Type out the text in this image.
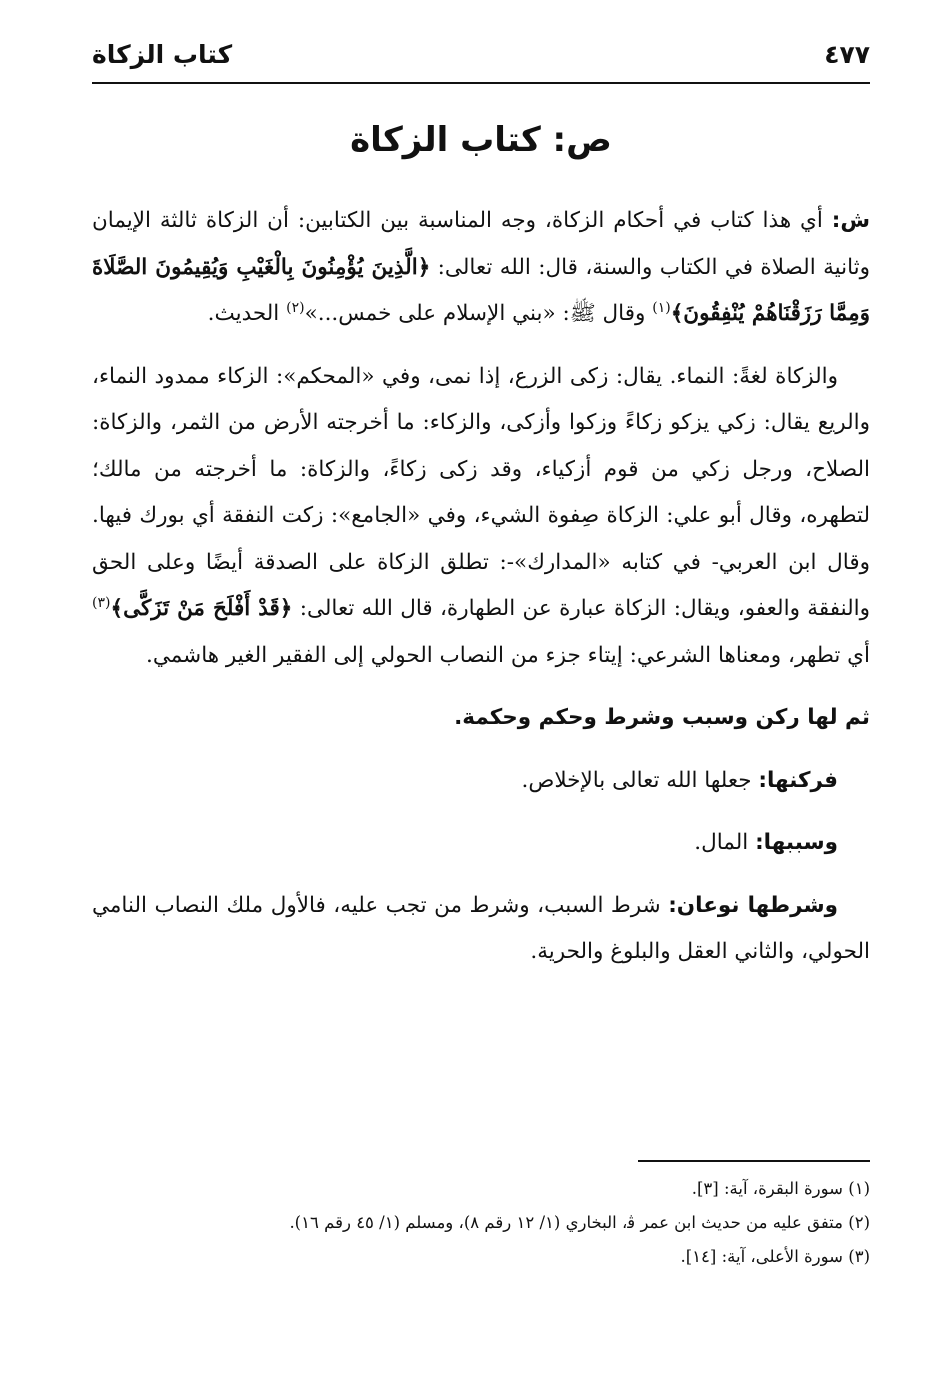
كتاب الزكاة	٤٧٧
ص: كتاب الزكاة

ش: أي هذا كتاب في أحكام الزكاة، وجه المناسبة بين الكتابين: أن الزكاة ثالثة الإيمان وثانية الصلاة في الكتاب والسنة، قال: الله تعالى: ﴿الَّذِينَ يُؤْمِنُونَ بِالْغَيْبِ وَيُقِيمُونَ الصَّلَاةَ وَمِمَّا رَزَقْنَاهُمْ يُنْفِقُونَ﴾$^{(١)}$ وقال ﷺ: «بني الإسلام على خمس...»$^{(٢)}$ الحديث.

والزكاة لغةً: النماء. يقال: زكى الزرع، إذا نمى، وفي «المحكم»: الزكاء ممدود النماء، والريع يقال: زكي يزكو زكاءً وزكوا وأزكى، والزكاء: ما أخرجته الأرض من الثمر، والزكاة: الصلاح، ورجل زكي من قوم أزكياء، وقد زكى زكاءً، والزكاة: ما أخرجته من مالك؛ لتطهره، وقال أبو علي: الزكاة صِفوة الشيء، وفي «الجامع»: زكت النفقة أي بورك فيها. وقال ابن العربي- في كتابه «المدارك»-: تطلق الزكاة على الصدقة أيضًا وعلى الحق والنفقة والعفو، ويقال: الزكاة عبارة عن الطهارة، قال الله تعالى: ﴿قَدْ أَفْلَحَ مَنْ تَزَكَّى﴾$^{(٣)}$ أي تطهر، ومعناها الشرعي: إيتاء جزء من النصاب الحولي إلى الفقير الغير هاشمي.

ثم لها ركن وسبب وشرط وحكم وحكمة.

فركنها: جعلها الله تعالى بالإخلاص.

وسببها: المال.

وشرطها نوعان: شرط السبب، وشرط من تجب عليه، فالأول ملك النصاب النامي الحولي، والثاني العقل والبلوغ والحرية.

(١) سورة البقرة، آية: [٣].
(٢) متفق عليه من حديث ابن عمر ﭬ، البخاري (١/ ١٢ رقم ٨)، ومسلم (١/ ٤٥ رقم ١٦).
(٣) سورة الأعلى، آية: [١٤].
